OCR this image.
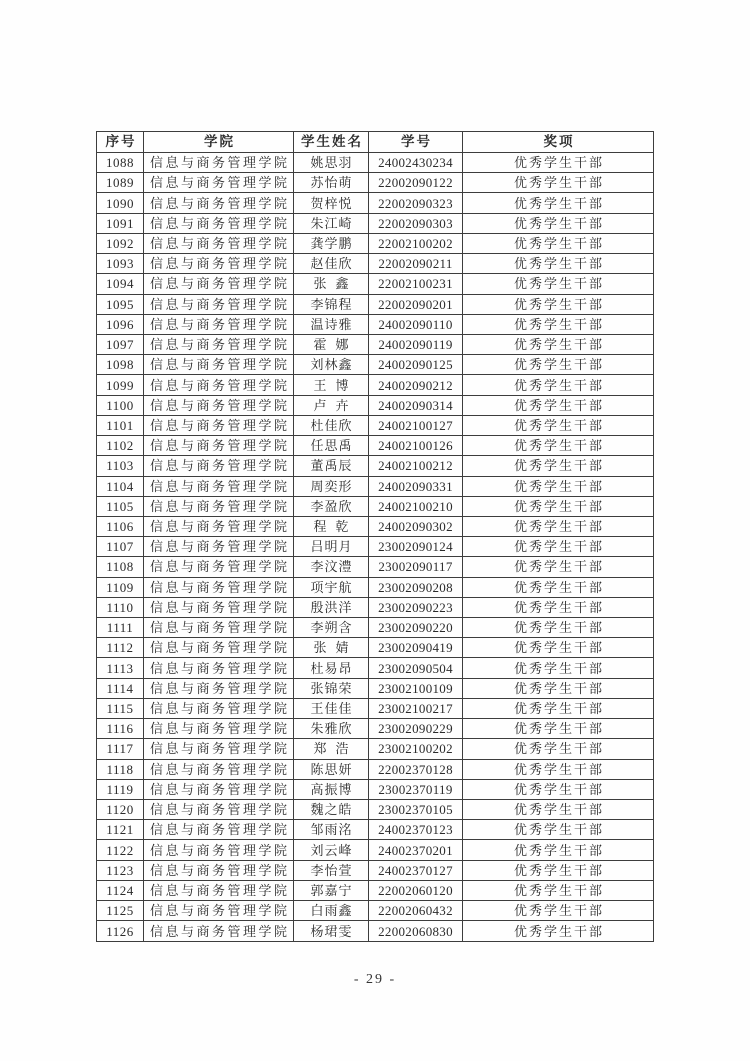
序号	学院	学生姓名	学号	奖项
1088	信息与商务管理学院	姚思羽	24002430234	优秀学生干部
1089	信息与商务管理学院	苏怡萌	22002090122	优秀学生干部
1090	信息与商务管理学院	贺梓悦	22002090323	优秀学生干部
1091	信息与商务管理学院	朱江崎	22002090303	优秀学生干部
1092	信息与商务管理学院	龚学鹏	22002100202	优秀学生干部
1093	信息与商务管理学院	赵佳欣	22002090211	优秀学生干部
1094	信息与商务管理学院	张鑫	22002100231	优秀学生干部
1095	信息与商务管理学院	李锦程	22002090201	优秀学生干部
1096	信息与商务管理学院	温诗雅	24002090110	优秀学生干部
1097	信息与商务管理学院	霍娜	24002090119	优秀学生干部
1098	信息与商务管理学院	刘林鑫	24002090125	优秀学生干部
1099	信息与商务管理学院	王博	24002090212	优秀学生干部
1100	信息与商务管理学院	卢卉	24002090314	优秀学生干部
1101	信息与商务管理学院	杜佳欣	24002100127	优秀学生干部
1102	信息与商务管理学院	任思禹	24002100126	优秀学生干部
1103	信息与商务管理学院	董禹辰	24002100212	优秀学生干部
1104	信息与商务管理学院	周奕形	24002090331	优秀学生干部
1105	信息与商务管理学院	李盈欣	24002100210	优秀学生干部
1106	信息与商务管理学院	程乾	24002090302	优秀学生干部
1107	信息与商务管理学院	吕明月	23002090124	优秀学生干部
1108	信息与商务管理学院	李汶澧	23002090117	优秀学生干部
1109	信息与商务管理学院	项宇航	23002090208	优秀学生干部
1110	信息与商务管理学院	殷洪洋	23002090223	优秀学生干部
1111	信息与商务管理学院	李朔含	23002090220	优秀学生干部
1112	信息与商务管理学院	张婧	23002090419	优秀学生干部
1113	信息与商务管理学院	杜易昂	23002090504	优秀学生干部
1114	信息与商务管理学院	张锦荣	23002100109	优秀学生干部
1115	信息与商务管理学院	王佳佳	23002100217	优秀学生干部
1116	信息与商务管理学院	朱雅欣	23002090229	优秀学生干部
1117	信息与商务管理学院	郑浩	23002100202	优秀学生干部
1118	信息与商务管理学院	陈思妍	22002370128	优秀学生干部
1119	信息与商务管理学院	高振博	23002370119	优秀学生干部
1120	信息与商务管理学院	魏之皓	23002370105	优秀学生干部
1121	信息与商务管理学院	邹雨洺	24002370123	优秀学生干部
1122	信息与商务管理学院	刘云峰	24002370201	优秀学生干部
1123	信息与商务管理学院	李怡萱	24002370127	优秀学生干部
1124	信息与商务管理学院	郭嘉宁	22002060120	优秀学生干部
1125	信息与商务管理学院	白雨鑫	22002060432	优秀学生干部
1126	信息与商务管理学院	杨珺雯	22002060830	优秀学生干部
- 29 -
